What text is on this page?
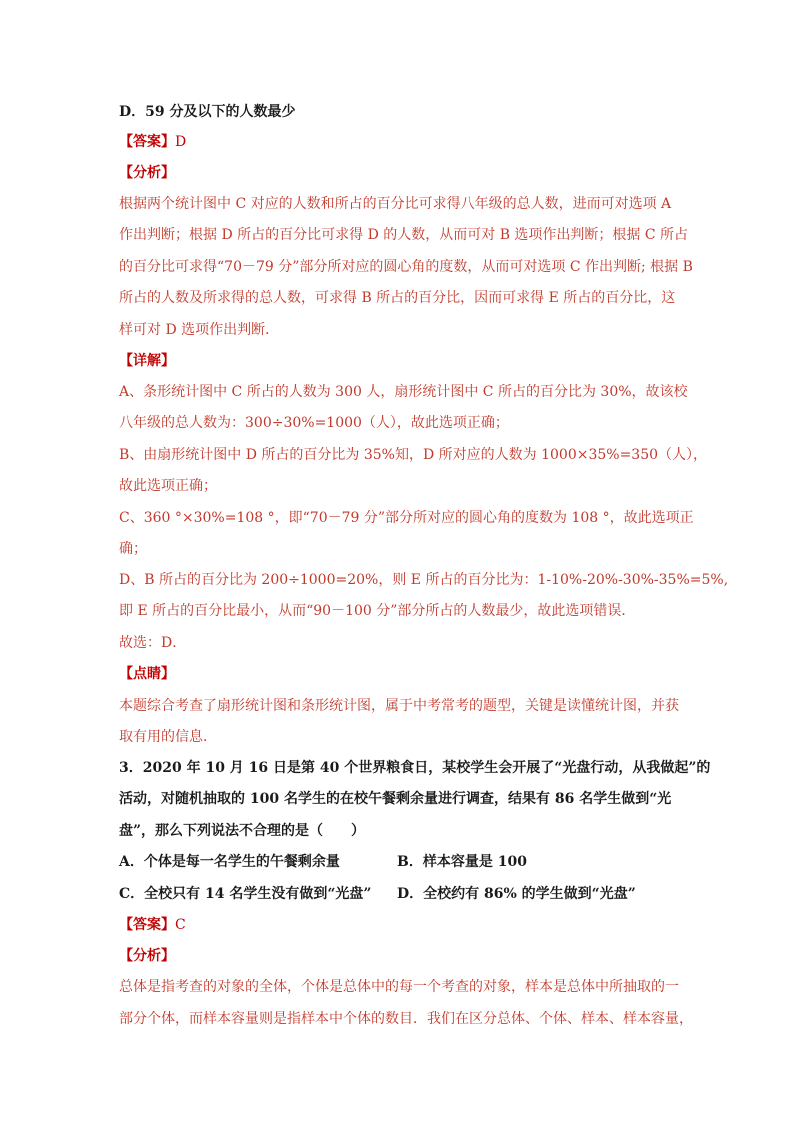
D．59 分及以下的人数最少
【答案】D
【分析】
根据两个统计图中 C 对应的人数和所占的百分比可求得八年级的总人数，进而可对选项 A
作出判断；根据 D 所占的百分比可求得 D 的人数，从而可对 B 选项作出判断；根据 C 所占
的百分比可求得“70－79 分”部分所对应的圆心角的度数，从而可对选项 C 作出判断; 根据 B
所占的人数及所求得的总人数，可求得 B 所占的百分比，因而可求得 E 所占的百分比，这
样可对 D 选项作出判断．
【详解】
A、条形统计图中 C 所占的人数为 300 人，扇形统计图中 C 所占的百分比为 30%，故该校
八年级的总人数为：300÷30%=1000（人），故此选项正确；
B、由扇形统计图中 D 所占的百分比为 35%知，D 所对应的人数为 1000×35%=350（人），
故此选项正确；
C、360 °×30%=108 °，即“70－79 分”部分所对应的圆心角的度数为 108 °，故此选项正
确；
D、B 所占的百分比为 200÷1000=20%，则 E 所占的百分比为：1-10%-20%-30%-35%=5%,
即 E 所占的百分比最小，从而“90－100 分”部分所占的人数最少，故此选项错误．
故选：D．
【点睛】
本题综合考查了扇形统计图和条形统计图，属于中考常考的题型，关键是读懂统计图，并获
取有用的信息．
3．2020 年 10 月 16 日是第 40 个世界粮食日，某校学生会开展了“光盘行动，从我做起”的
活动，对随机抽取的 100 名学生的在校午餐剩余量进行调查，结果有 86 名学生做到“光
盘”，那么下列说法不合理的是（　　）
A．个体是每一名学生的午餐剩余量	B．样本容量是 100
C．全校只有 14 名学生没有做到“光盘” D．全校约有 86% 的学生做到“光盘”
【答案】C
【分析】
总体是指考查的对象的全体，个体是总体中的每一个考查的对象，样本是总体中所抽取的一
部分个体，而样本容量则是指样本中个体的数目．我们在区分总体、个体、样本、样本容量，
